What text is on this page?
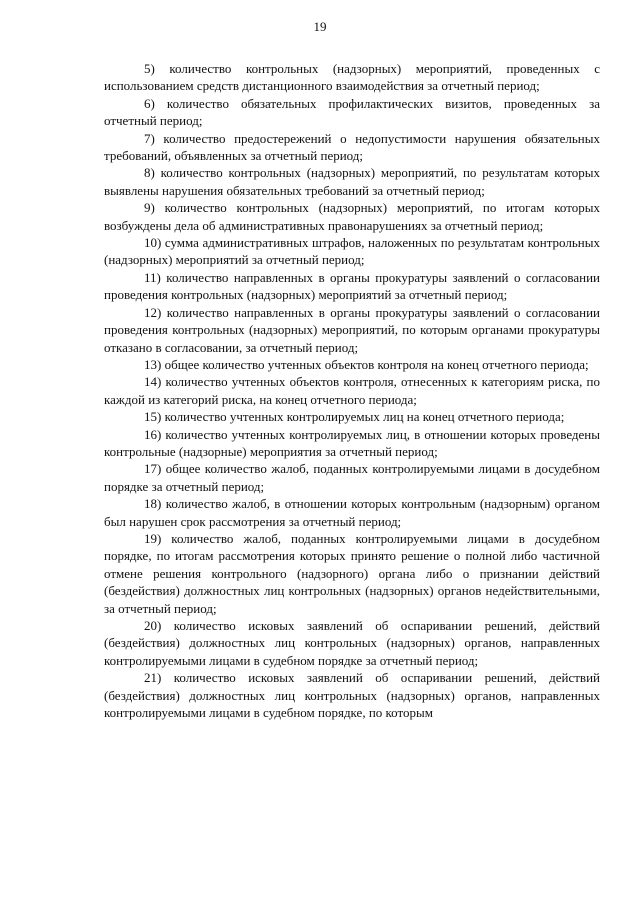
19

5) количество контрольных (надзорных) мероприятий, проведенных с использованием средств дистанционного взаимодействия за отчетный период;

6) количество обязательных профилактических визитов, проведенных за отчетный период;

7) количество предостережений о недопустимости нарушения обязательных требований, объявленных за отчетный период;

8) количество контрольных (надзорных) мероприятий, по результатам которых выявлены нарушения обязательных требований за отчетный период;

9) количество контрольных (надзорных) мероприятий, по итогам которых возбуждены дела об административных правонарушениях за отчетный период;

10) сумма административных штрафов, наложенных по результатам контрольных (надзорных) мероприятий за отчетный период;

11) количество направленных в органы прокуратуры заявлений о согласовании проведения контрольных (надзорных) мероприятий за отчетный период;

12) количество направленных в органы прокуратуры заявлений о согласовании проведения контрольных (надзорных) мероприятий, по которым органами прокуратуры отказано в согласовании, за отчетный период;

13) общее количество учтенных объектов контроля на конец отчетного периода;

14) количество учтенных объектов контроля, отнесенных к категориям риска, по каждой из категорий риска, на конец отчетного периода;

15) количество учтенных контролируемых лиц на конец отчетного периода;

16) количество учтенных контролируемых лиц, в отношении которых проведены контрольные (надзорные) мероприятия за отчетный период;

17) общее количество жалоб, поданных контролируемыми лицами в досудебном порядке за отчетный период;

18) количество жалоб, в отношении которых контрольным (надзорным) органом был нарушен срок рассмотрения за отчетный период;

19) количество жалоб, поданных контролируемыми лицами в досудебном порядке, по итогам рассмотрения которых принято решение о полной либо частичной отмене решения контрольного (надзорного) органа либо о признании действий (бездействия) должностных лиц контрольных (надзорных) органов недействительными, за отчетный период;

20) количество исковых заявлений об оспаривании решений, действий (бездействия) должностных лиц контрольных (надзорных) органов, направленных контролируемыми лицами в судебном порядке за отчетный период;

21) количество исковых заявлений об оспаривании решений, действий (бездействия) должностных лиц контрольных (надзорных) органов, направленных контролируемыми лицами в судебном порядке, по которым
